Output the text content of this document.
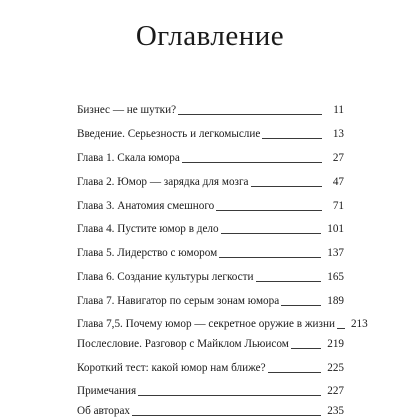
Оглавление
Бизнес — не шутки?	11
Введение. Серьезность и легкомыслие	13
Глава 1. Скала юмора	27
Глава 2. Юмор — зарядка для мозга	47
Глава 3. Анатомия смешного	71
Глава 4. Пустите юмор в дело	101
Глава 5. Лидерство с юмором	137
Глава 6. Создание культуры легкости	165
Глава 7. Навигатор по серым зонам юмора	189
Глава 7,5. Почему юмор — секретное оружие в жизни	213
Послесловие. Разговор с Майклом Льюисом	219
Короткий тест: какой юмор нам ближе?	225
Примечания	227
Об авторах	235
